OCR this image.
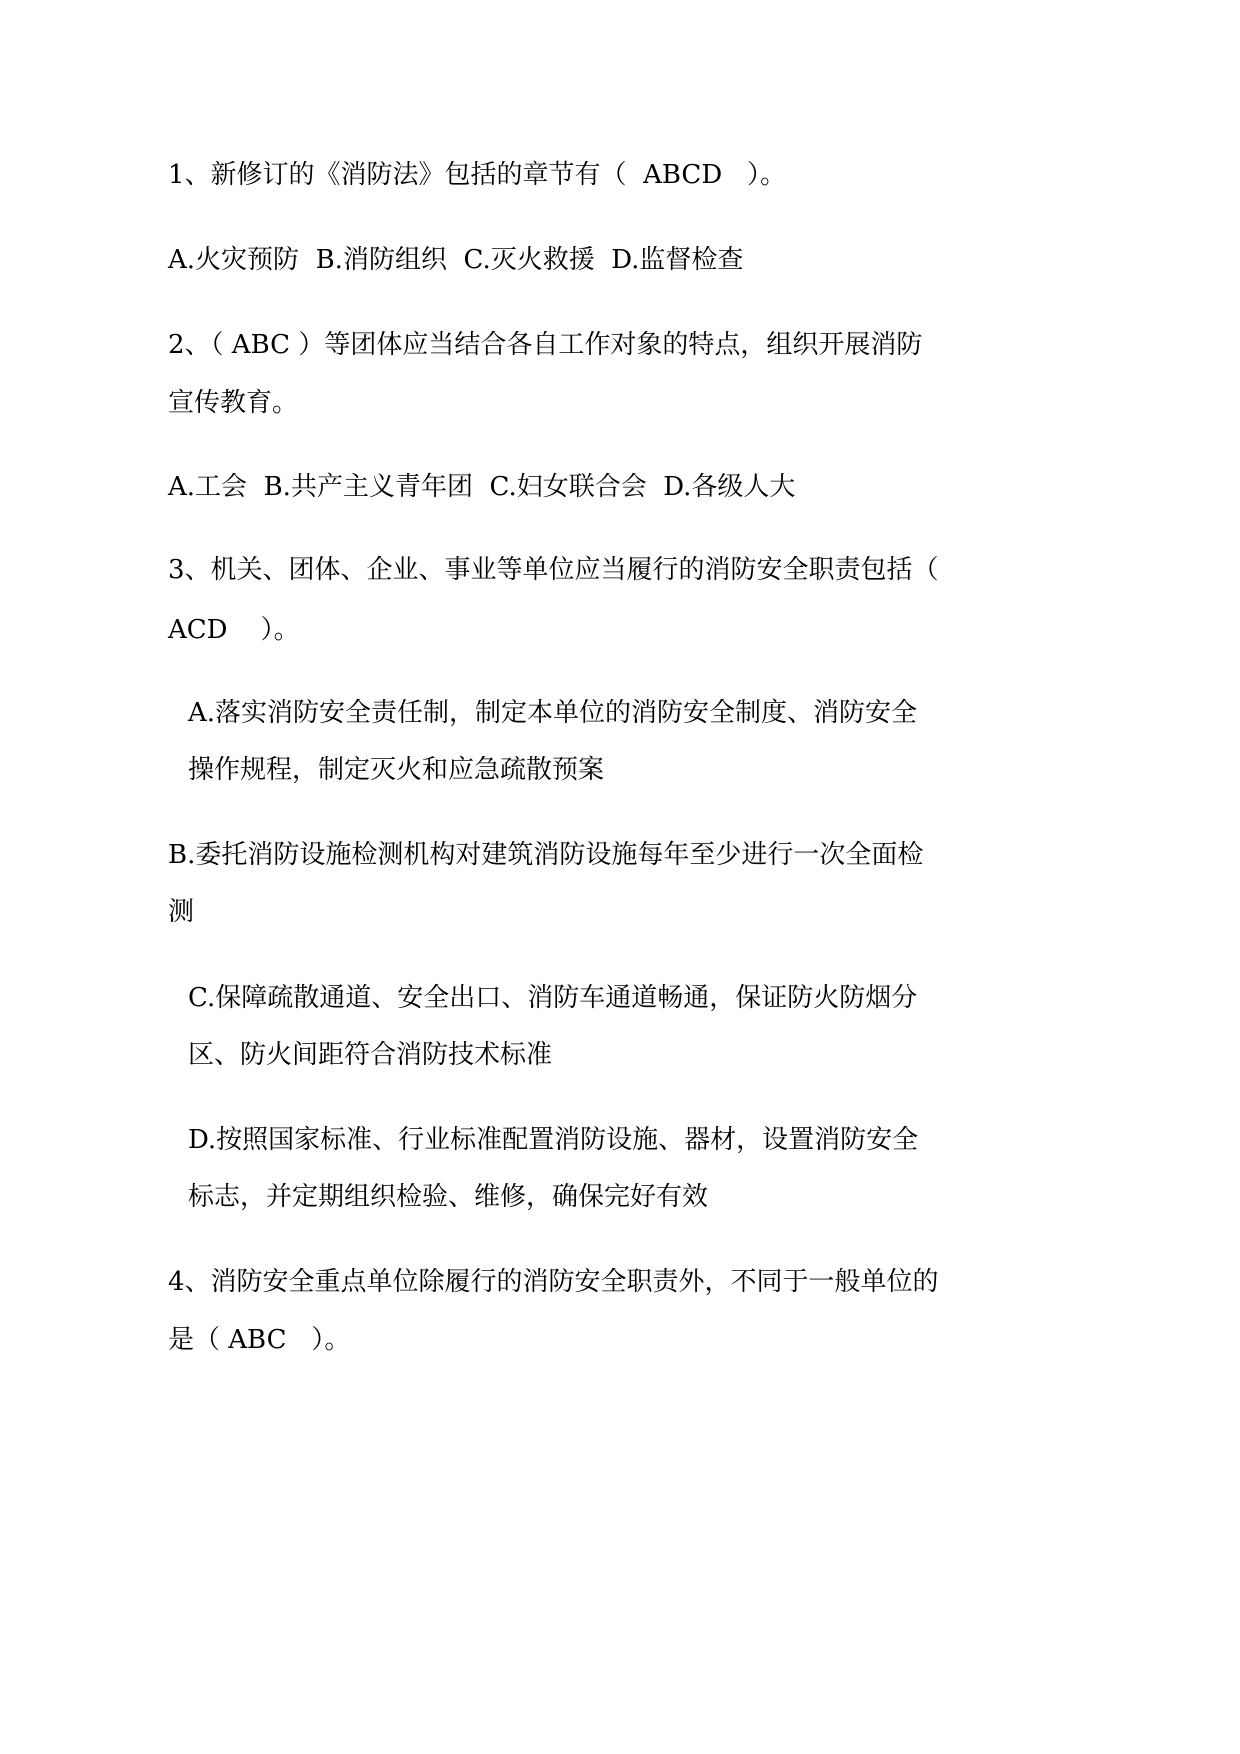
1、新修订的《消防法》包括的章节有（  ABCD   ）。
A.火灾预防  B.消防组织  C.灭火救援  D.监督检查
2、（ ABC ）等团体应当结合各自工作对象的特点，组织开展消防
宣传教育。
A.工会  B.共产主义青年团  C.妇女联合会  D.各级人大
3、机关、团体、企业、事业等单位应当履行的消防安全职责包括（
ACD    ）。
A.落实消防安全责任制，制定本单位的消防安全制度、消防安全
操作规程，制定灭火和应急疏散预案
B.委托消防设施检测机构对建筑消防设施每年至少进行一次全面检
测
C.保障疏散通道、安全出口、消防车通道畅通，保证防火防烟分
区、防火间距符合消防技术标准
D.按照国家标准、行业标准配置消防设施、器材，设置消防安全
标志，并定期组织检验、维修，确保完好有效
4、消防安全重点单位除履行的消防安全职责外，不同于一般单位的
是（ ABC   ）。
